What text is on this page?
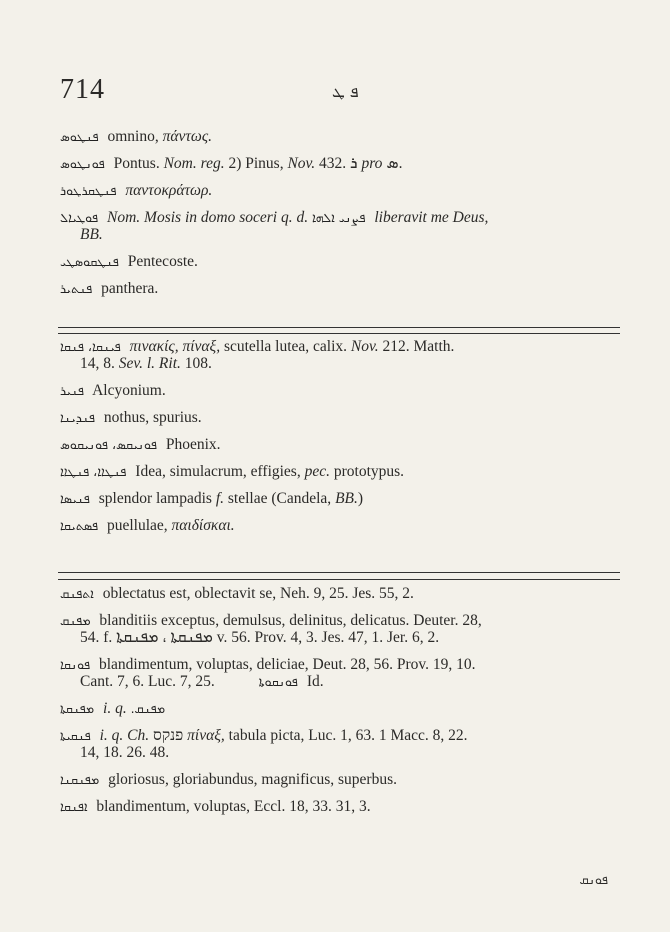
714	ܦ ܛ
ܦܢܛܘܣ omnino, πάντως.
ܦܘܢܛܘܣ Pontus. Nom. reg. 2) Pinus, Nov. 432. ܪ pro ܣ.
ܦܢܛܩܪܛܘܪ παντοκράτωρ.
ܦܘܛܝܐܠ Nom. Mosis in domo soceri q. d. ܦܨܢܝ ܐܠܗܐ liberavit me Deus,
BB.
ܦܢܛܩܘܣܛܝ Pentecoste.
ܦܢܬܝܪ panthera.
ܦܝܢܩܐ، ܦܢܩܐ πινακίς, πίναξ, scutella lutea, calix. Nov. 212. Matth.
14, 8. Sev. l. Rit. 108.
ܦܢܝܪ Alcyonium.
ܦܢܕܝܢܐ nothus, spurius.
ܦܘܢܝܩܣ، ܦܘܢܝܩܘܣ Phoenix.
ܦܢܛܐܐ، ܦܢܛܐܐ Idea, simulacrum, effigies, pec. prototypus.
ܦܢܝܣܐ splendor lampadis f. stellae (Candela, BB.)
ܦܣܬܝܩܐ puellulae, παιδίσκαι.
ܐܬܦܢܩ oblectatus est, oblectavit se, Neh. 9, 25. Jes. 55, 2.
ܡܦܢܩ blanditiis exceptus, demulsus, delinitus, delicatus. Deuter. 28,
54. f. ܡܦܢܩܬܐ ، ܡܦܢܩܬܐ v. 56. Prov. 4, 3. Jes. 47, 1. Jer. 6, 2.
ܦܘܢܩܐ blandimentum, voluptas, deliciae, Deut. 28, 56. Prov. 19, 10.
Cant. 7, 6. Luc. 7, 25.	ܦܘܢܩܘܬܐ Id.
ܡܦܢܩܬܐ i. q. ܡܦܢܩ.
ܦܢܩܝܬܐ i. q. Ch. פנקס πίναξ, tabula picta, Luc. 1, 63. 1 Macc. 8, 22.
14, 18. 26. 48.
ܡܦܢܩܢܐ gloriosus, gloriabundus, magnificus, superbus.
ܐܦܢܩܐ blandimentum, voluptas, Eccl. 18, 33. 31, 3.
ܦܘܢܩ
